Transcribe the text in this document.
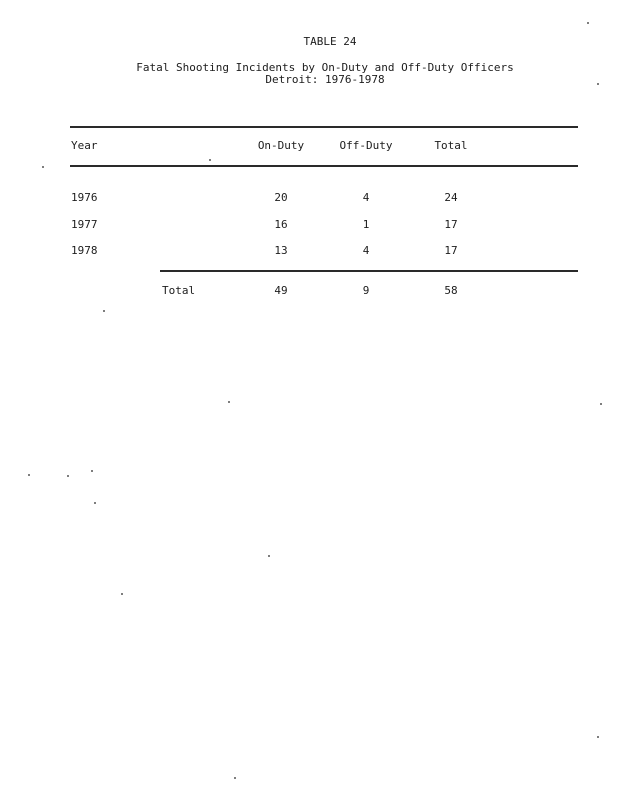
TABLE 24
Fatal Shooting Incidents by On-Duty and Off-Duty Officers
Detroit: 1976-1978
Year	On-Duty	Off-Duty	Total
1976	20	4	24
1977	16	1	17
1978	13	4	17
Total	49	9	58
